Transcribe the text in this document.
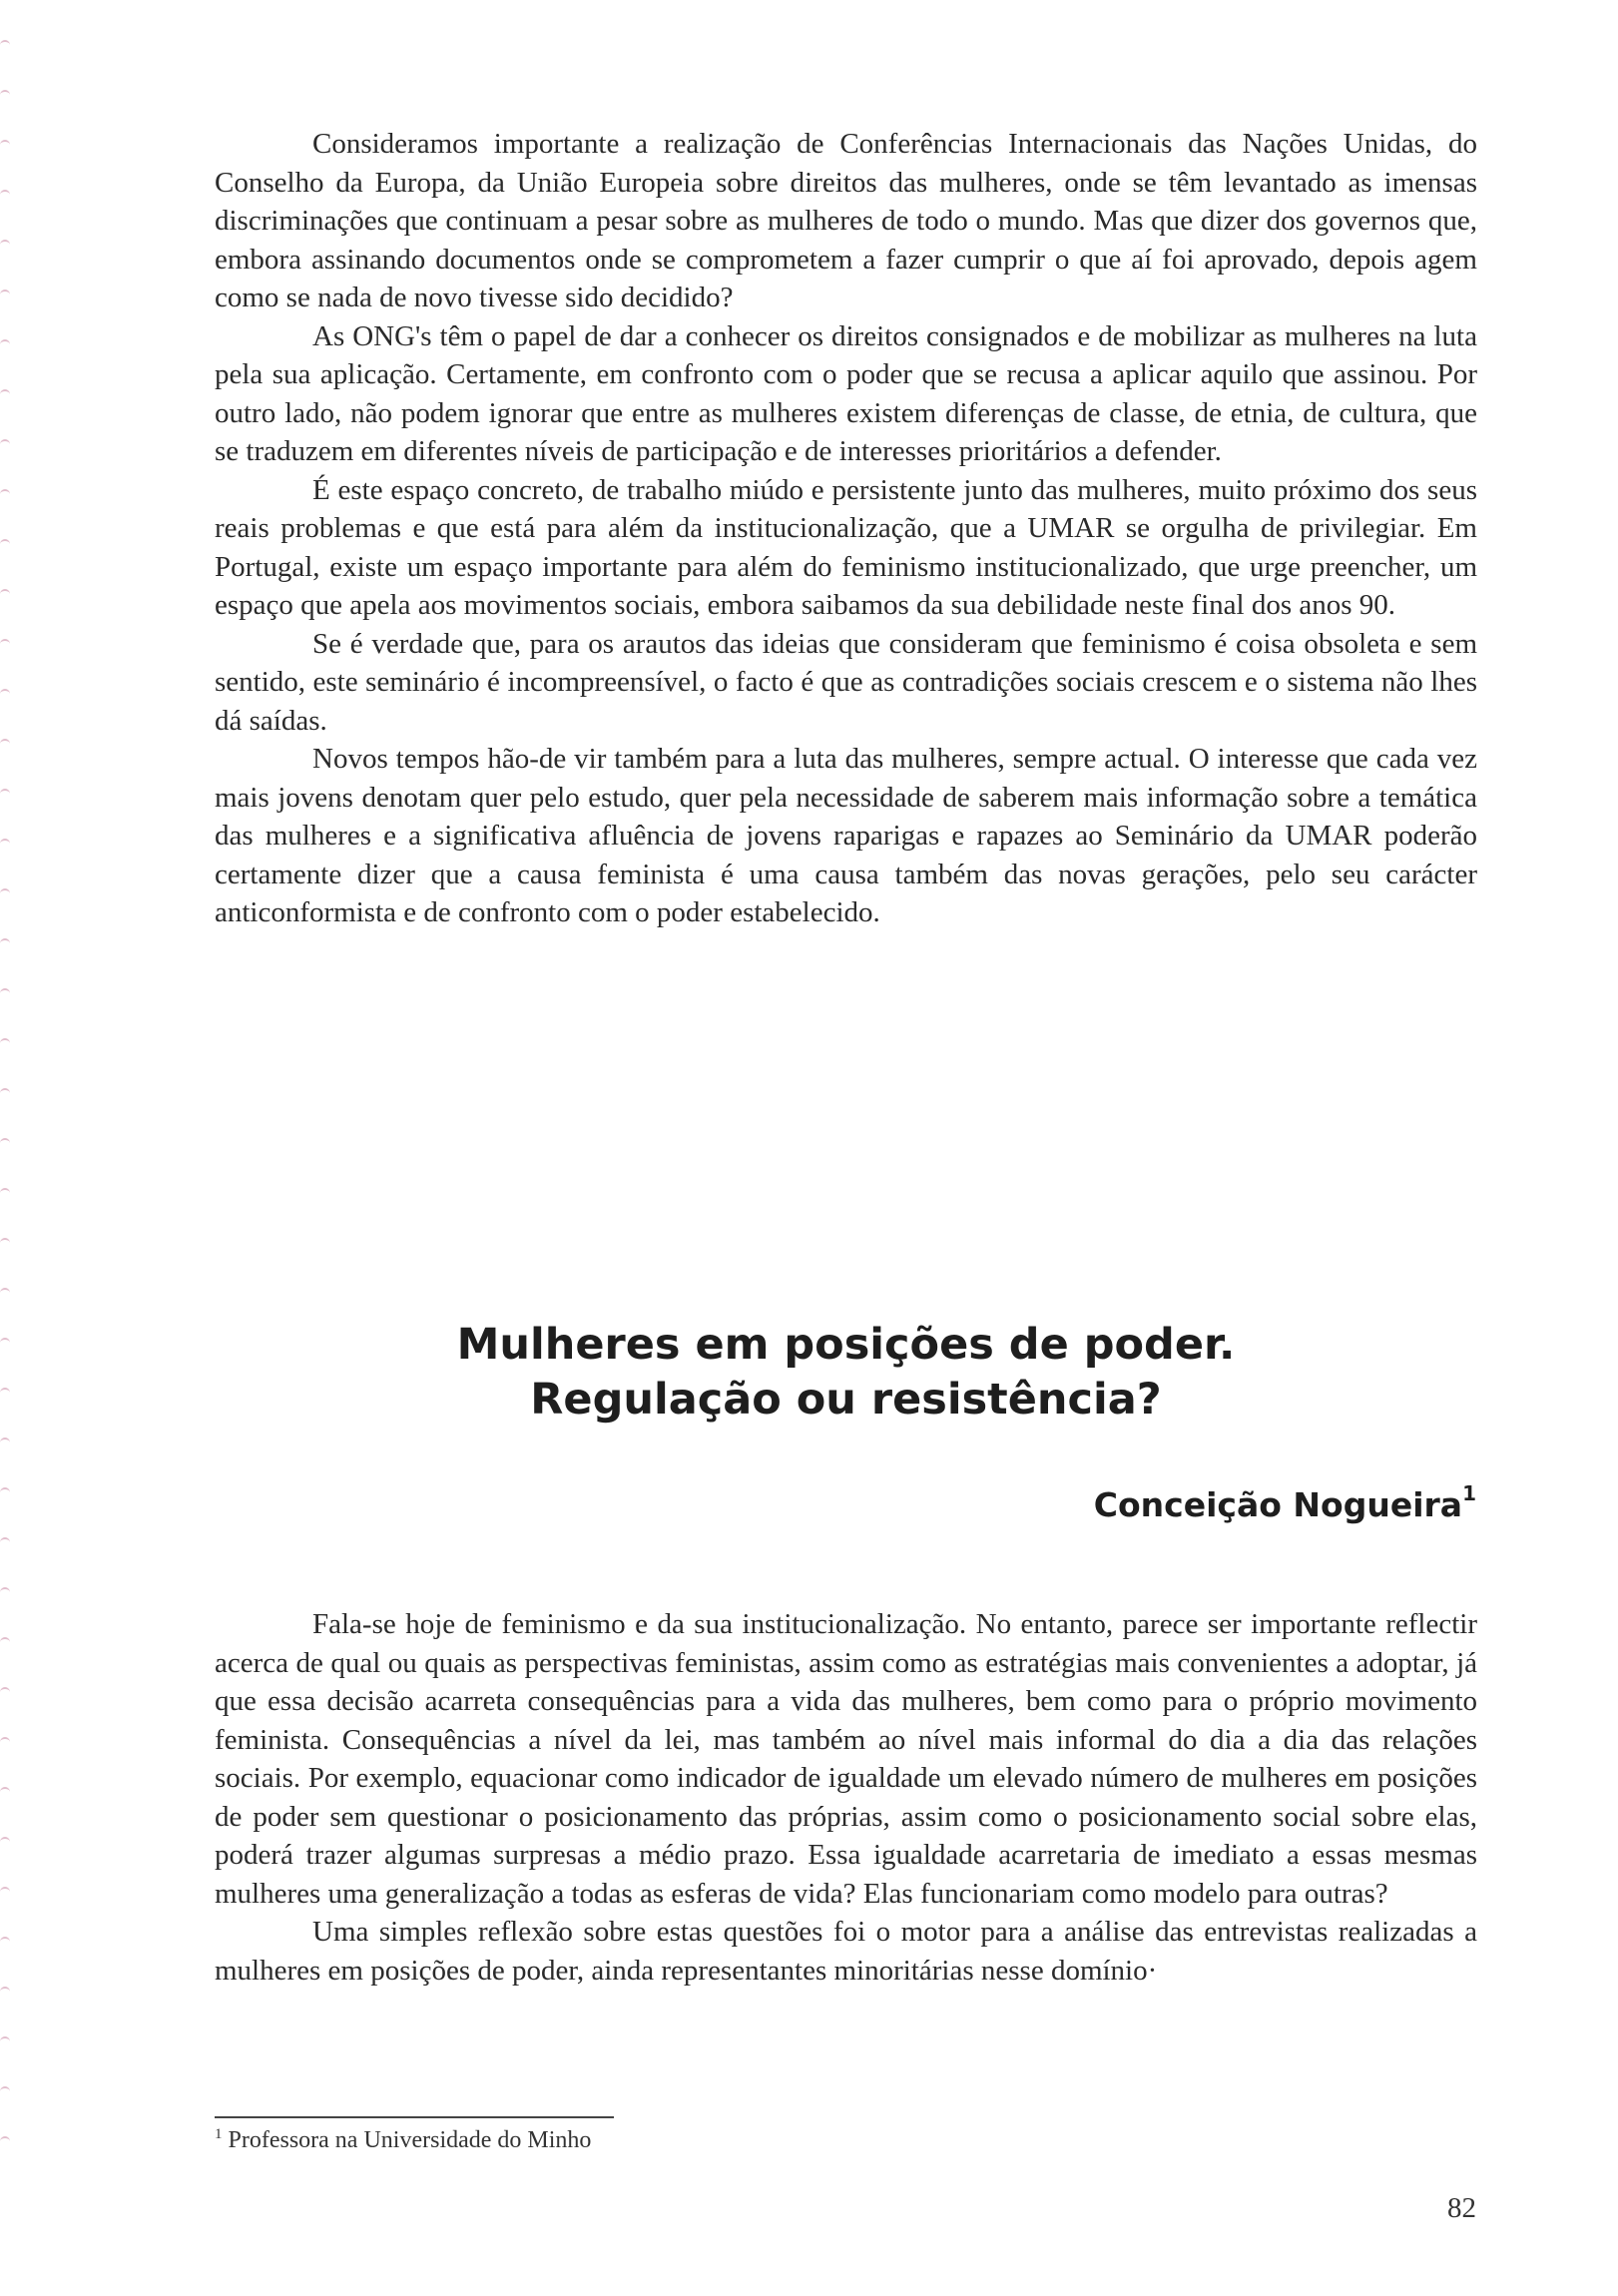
Consideramos importante a realização de Conferências Internacionais das Nações Unidas, do Conselho da Europa, da União Europeia sobre direitos das mulheres, onde se têm levantado as imensas discriminações que continuam a pesar sobre as mulheres de todo o mundo. Mas que dizer dos governos que, embora assinando documentos onde se comprometem a fazer cumprir o que aí foi aprovado, depois agem como se nada de novo tivesse sido decidido?

As ONG's têm o papel de dar a conhecer os direitos consignados e de mobilizar as mulheres na luta pela sua aplicação. Certamente, em confronto com o poder que se recusa a aplicar aquilo que assinou. Por outro lado, não podem ignorar que entre as mulheres existem diferenças de classe, de etnia, de cultura, que se traduzem em diferentes níveis de participação e de interesses prioritários a defender.

É este espaço concreto, de trabalho miúdo e persistente junto das mulheres, muito próximo dos seus reais problemas e que está para além da institucionalização, que a UMAR se orgulha de privilegiar. Em Portugal, existe um espaço importante para além do feminismo institucionalizado, que urge preencher, um espaço que apela aos movimentos sociais, embora saibamos da sua debilidade neste final dos anos 90.

Se é verdade que, para os arautos das ideias que consideram que feminismo é coisa obsoleta e sem sentido, este seminário é incompreensível, o facto é que as contradições sociais crescem e o sistema não lhes dá saídas.

Novos tempos hão-de vir também para a luta das mulheres, sempre actual. O interesse que cada vez mais jovens denotam quer pelo estudo, quer pela necessidade de saberem mais informação sobre a temática das mulheres e a significativa afluência de jovens raparigas e rapazes ao Seminário da UMAR poderão certamente dizer que a causa feminista é uma causa também das novas gerações, pelo seu carácter anticonformista e de confronto com o poder estabelecido.

Mulheres em posições de poder.
Regulação ou resistência?
Conceição Nogueira$^1$

Fala-se hoje de feminismo e da sua institucionalização. No entanto, parece ser importante reflectir acerca de qual ou quais as perspectivas feministas, assim como as estratégias mais convenientes a adoptar, já que essa decisão acarreta consequências para a vida das mulheres, bem como para o próprio movimento feminista. Consequências a nível da lei, mas também ao nível mais informal do dia a dia das relações sociais. Por exemplo, equacionar como indicador de igualdade um elevado número de mulheres em posições de poder sem questionar o posicionamento das próprias, assim como o posicionamento social sobre elas, poderá trazer algumas surpresas a médio prazo. Essa igualdade acarretaria de imediato a essas mesmas mulheres uma generalização a todas as esferas de vida? Elas funcionariam como modelo para outras?

Uma simples reflexão sobre estas questões foi o motor para a análise das entrevistas realizadas a mulheres em posições de poder, ainda representantes minoritárias nesse domínio·

$^1$ Professora na Universidade do Minho
82
